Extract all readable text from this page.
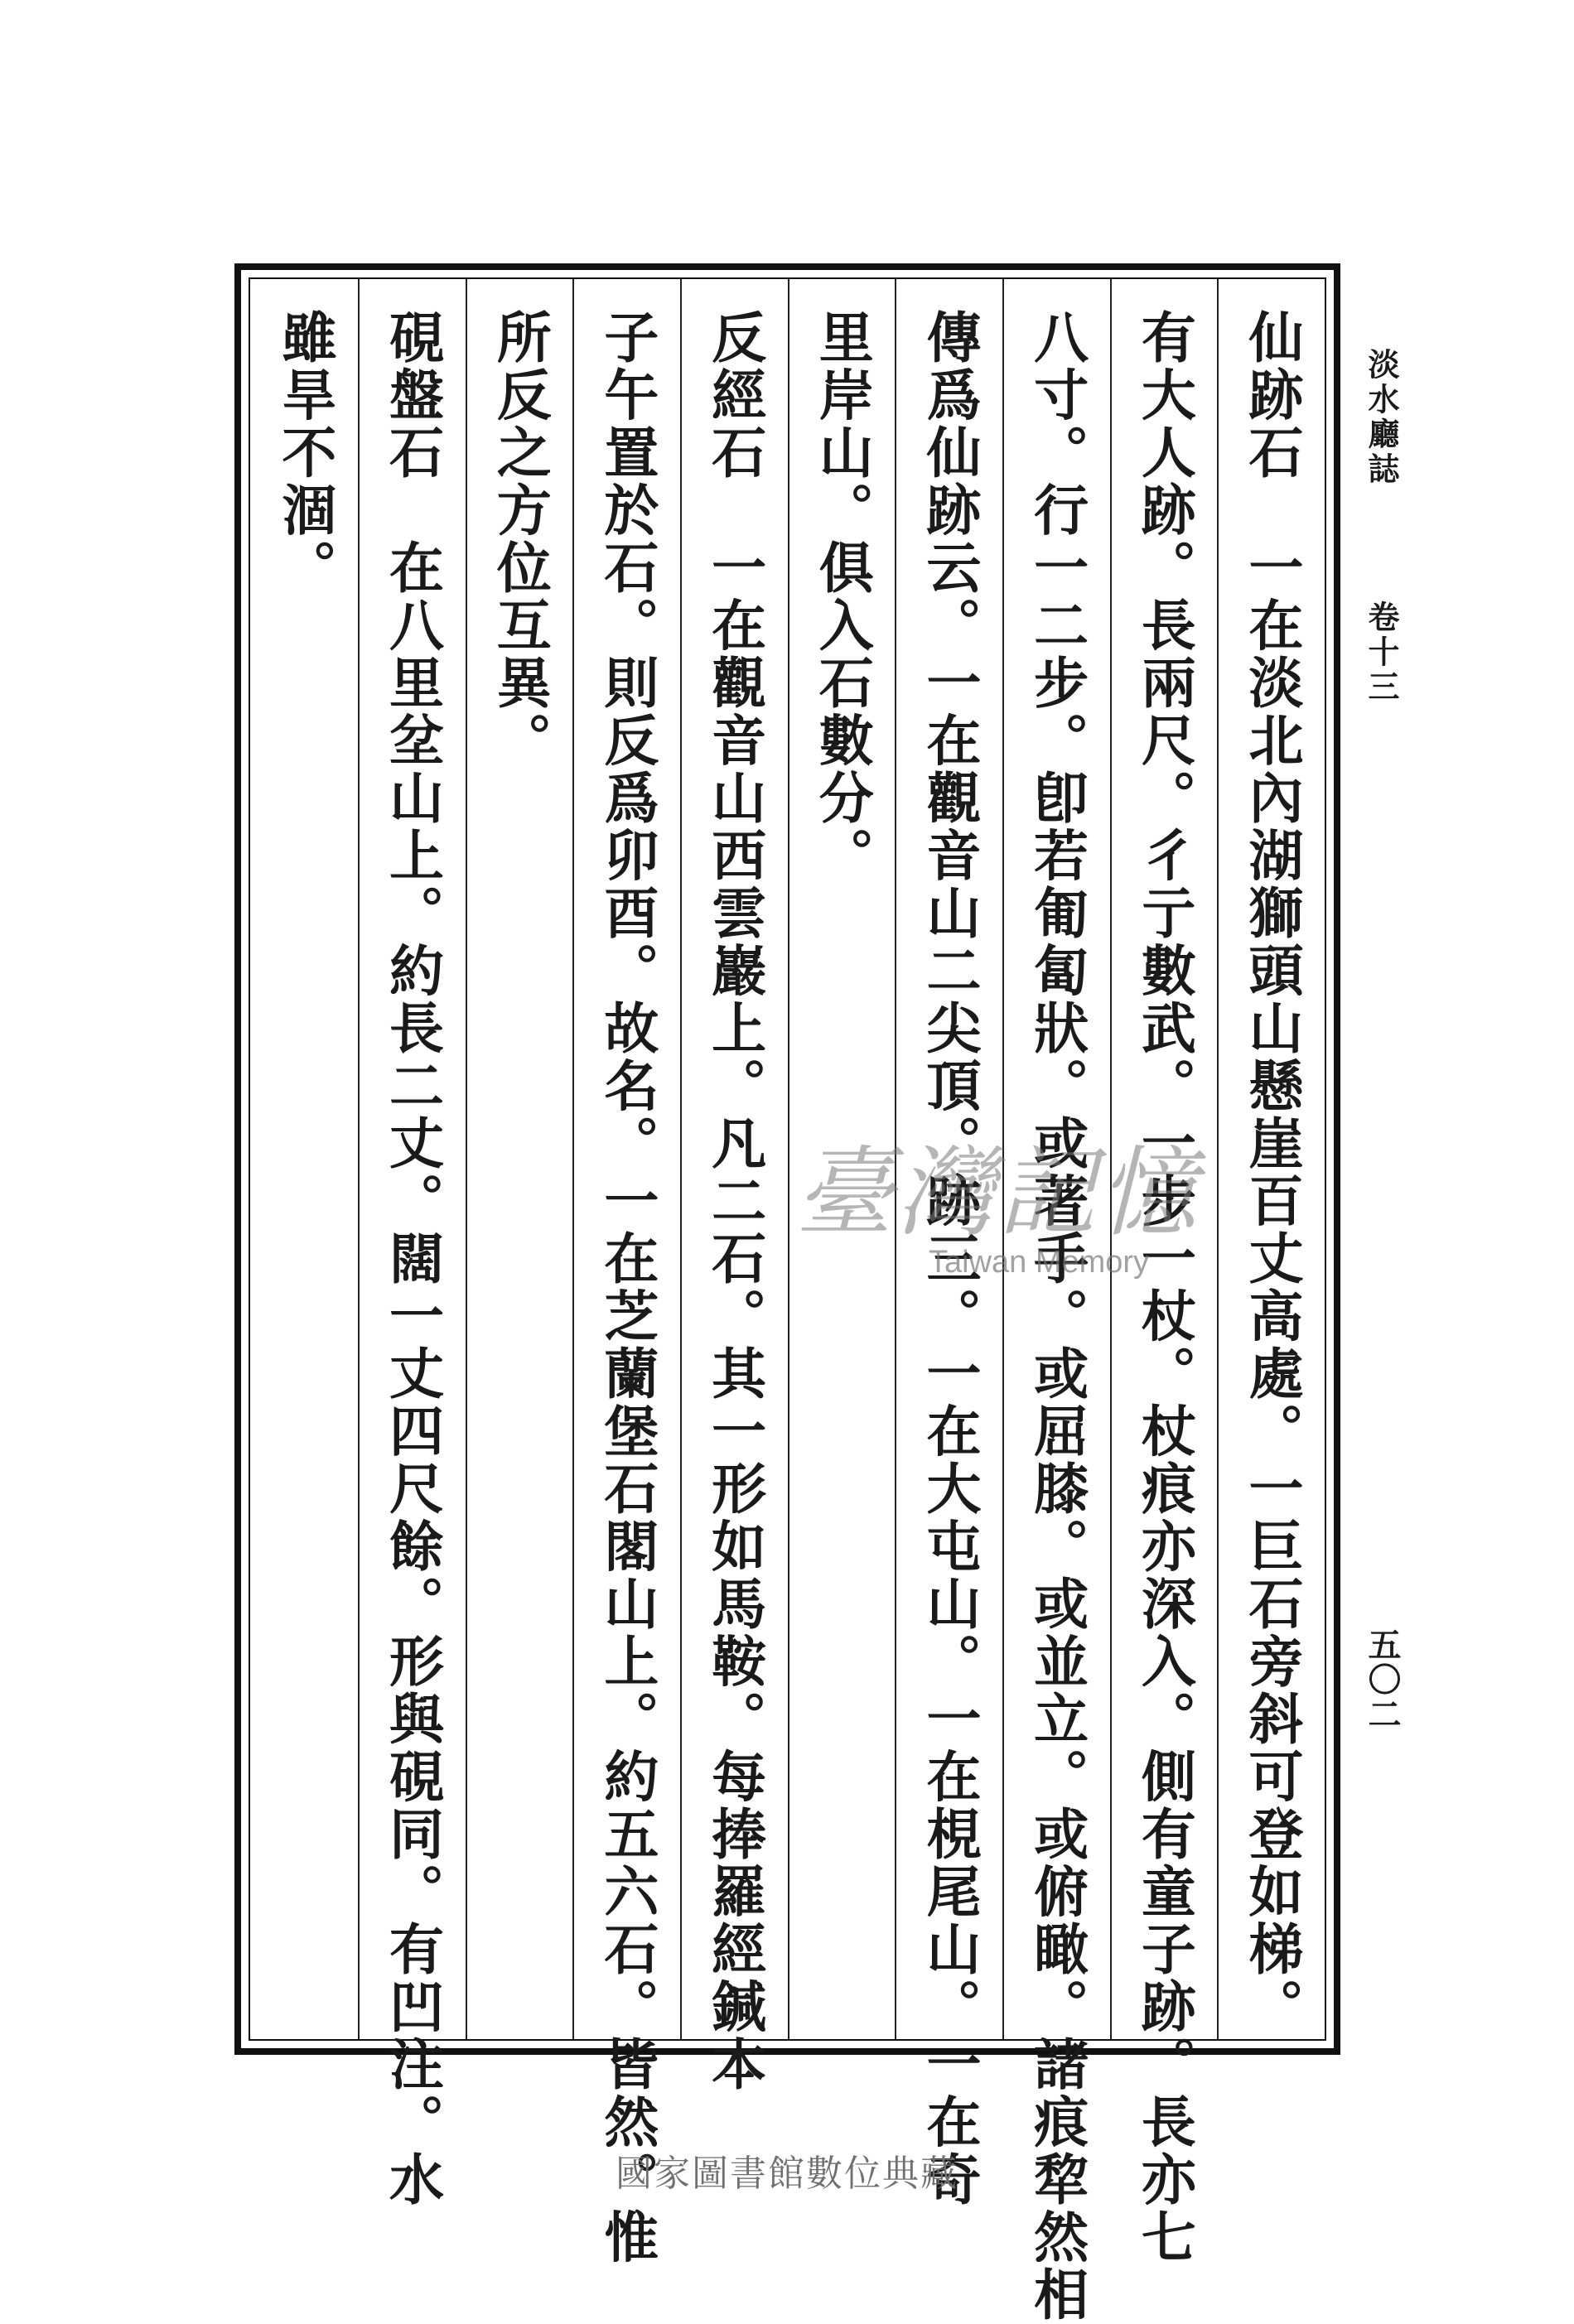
仙跡石　一在淡北內湖獅頭山懸崖百丈高處。一巨石旁斜可登如梯。
有大人跡。長兩尺。彳亍數武。一步一杖。杖痕亦深入。側有童子跡。長亦七
八寸。行一二步。卽若匍匐狀。或著手。或屈膝。或並立。或俯瞰。諸痕犂然相
傳爲仙跡云。一在觀音山二尖頂。跡三。一在大屯山。一在梘尾山。一在奇
里岸山。俱入石數分。
反經石　一在觀音山西雲巖上。凡二石。其一形如馬鞍。每捧羅經鍼本
子午置於石。則反爲卯酉。故名。一在芝蘭堡石閣山上。約五六石。皆然。惟
所反之方位互異。
硯盤石　在八里坌山上。約長二丈。闊一丈四尺餘。形與硯同。有凹注。水
雖旱不涸。	淡水廳誌
卷十三
五〇二
臺灣記憶
Taiwan Memory
國家圖書館數位典藏
